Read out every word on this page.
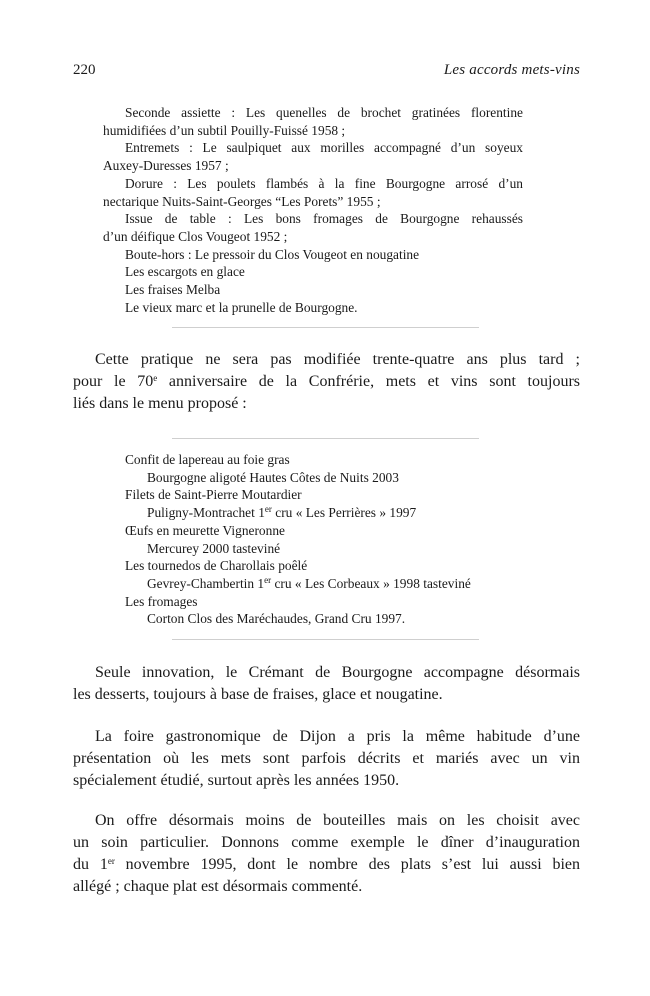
220	Les accords mets-vins
Seconde assiette : Les quenelles de brochet gratinées florentine
humidifiées d’un subtil Pouilly-Fuissé 1958 ;
Entremets : Le saulpiquet aux morilles accompagné d’un soyeux
Auxey-Duresses 1957 ;
Dorure : Les poulets flambés à la fine Bourgogne arrosé d’un
nectarique Nuits-Saint-Georges “Les Porets” 1955 ;
Issue de table : Les bons fromages de Bourgogne rehaussés
d’un déifique Clos Vougeot 1952 ;
Boute-hors : Le pressoir du Clos Vougeot en nougatine
Les escargots en glace
Les fraises Melba
Le vieux marc et la prunelle de Bourgogne.
Cette pratique ne sera pas modifiée trente-quatre ans plus tard ;
pour le 70e anniversaire de la Confrérie, mets et vins sont toujours
liés dans le menu proposé :
Confit de lapereau au foie gras
Bourgogne aligoté Hautes Côtes de Nuits 2003
Filets de Saint-Pierre Moutardier
Puligny-Montrachet 1er cru « Les Perrières » 1997
Œufs en meurette Vigneronne
Mercurey 2000 tasteviné
Les tournedos de Charollais poêlé
Gevrey-Chambertin 1er cru « Les Corbeaux » 1998 tasteviné
Les fromages
Corton Clos des Maréchaudes, Grand Cru 1997.
Seule innovation, le Crémant de Bourgogne accompagne désormais
les desserts, toujours à base de fraises, glace et nougatine.
La foire gastronomique de Dijon a pris la même habitude d’une
présentation où les mets sont parfois décrits et mariés avec un vin
spécialement étudié, surtout après les années 1950.
On offre désormais moins de bouteilles mais on les choisit avec
un soin particulier. Donnons comme exemple le dîner d’inauguration
du 1er novembre 1995, dont le nombre des plats s’est lui aussi bien
allégé ; chaque plat est désormais commenté.
